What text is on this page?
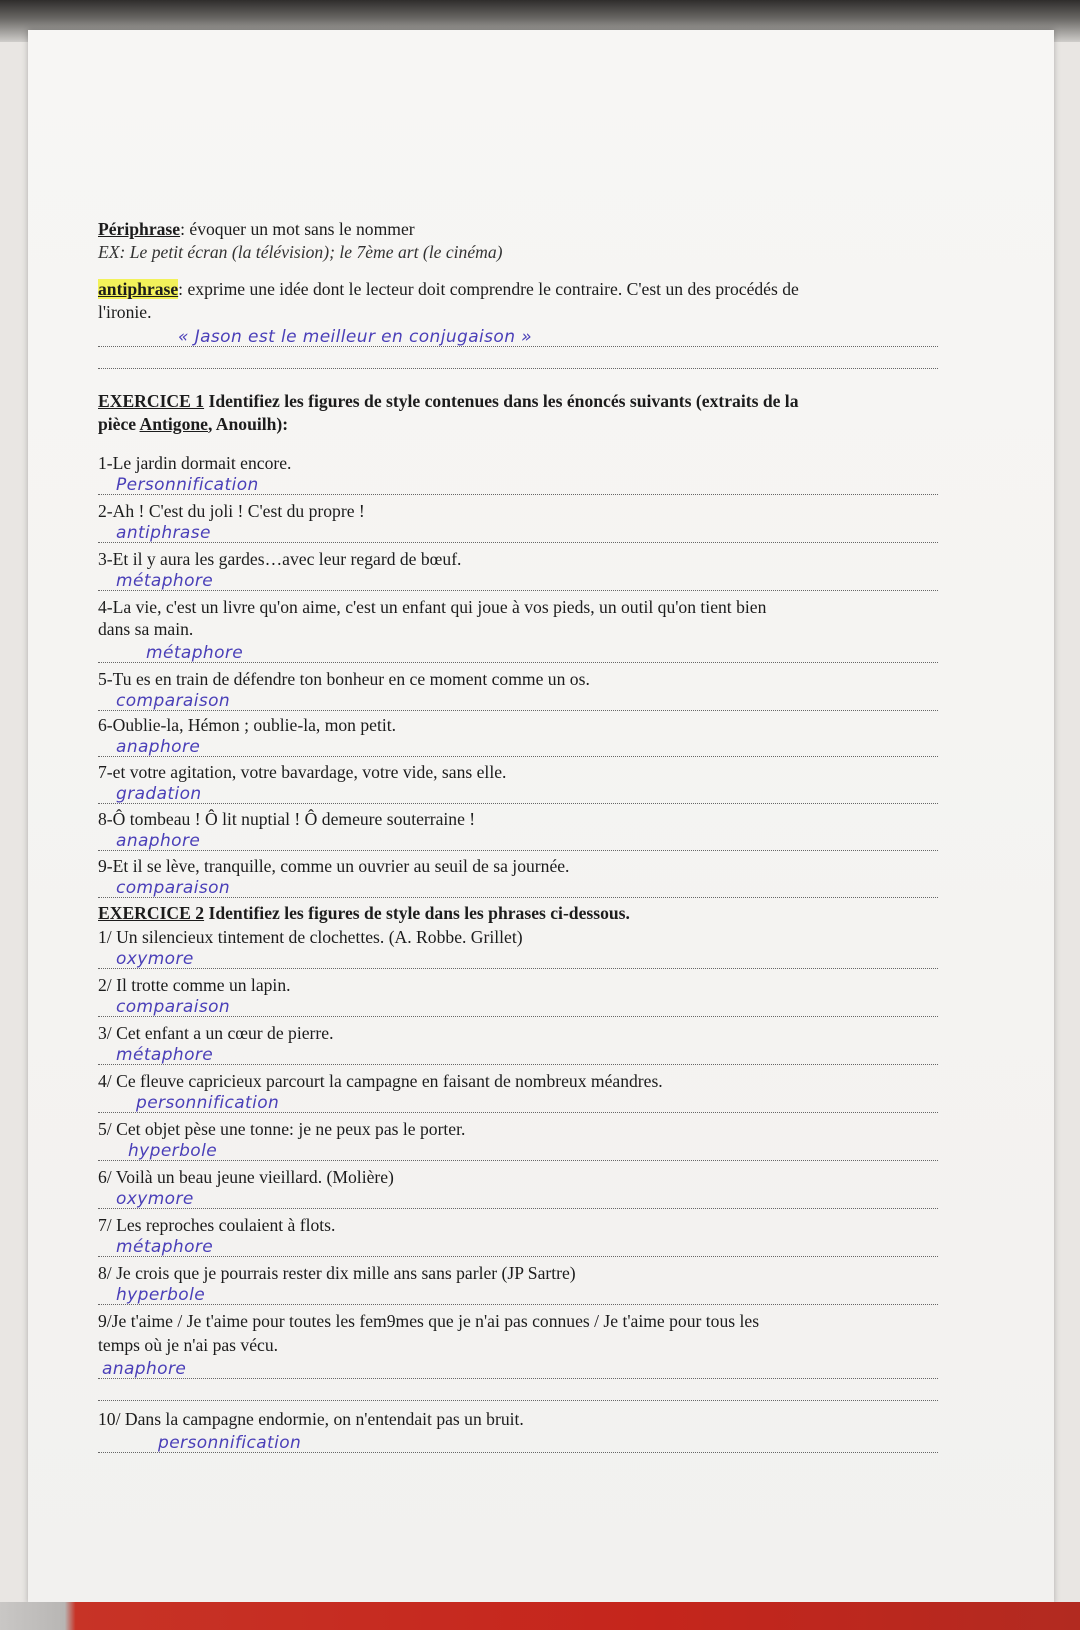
Périphrase: évoquer un mot sans le nommer
EX: Le petit écran (la télévision); le 7ème art (le cinéma)
antiphrase: exprime une idée dont le lecteur doit comprendre le contraire. C'est un des procédés de
l'ironie.
« Jason est le meilleur en conjugaison »
EXERCICE 1 Identifiez les figures de style contenues dans les énoncés suivants (extraits de la
pièce Antigone, Anouilh):
1-Le jardin dormait encore.
Personnification
2-Ah ! C'est du joli ! C'est du propre !
antiphrase
3-Et il y aura les gardes…avec leur regard de bœuf.
métaphore
4-La vie, c'est un livre qu'on aime, c'est un enfant qui joue à vos pieds, un outil qu'on tient bien
dans sa main.
métaphore
5-Tu es en train de défendre ton bonheur en ce moment comme un os.
comparaison
6-Oublie-la, Hémon ; oublie-la, mon petit.
anaphore
7-et votre agitation, votre bavardage, votre vide, sans elle.
gradation
8-Ô tombeau ! Ô lit nuptial ! Ô demeure souterraine !
anaphore
9-Et il se lève, tranquille, comme un ouvrier au seuil de sa journée.
comparaison
EXERCICE 2 Identifiez les figures de style dans les phrases ci-dessous.
1/ Un silencieux tintement de clochettes. (A. Robbe. Grillet)
oxymore
2/ Il trotte comme un lapin.
comparaison
3/ Cet enfant a un cœur de pierre.
métaphore
4/ Ce fleuve capricieux parcourt la campagne en faisant de nombreux méandres.
personnification
5/ Cet objet pèse une tonne: je ne peux pas le porter.
hyperbole
6/ Voilà un beau jeune vieillard. (Molière)
oxymore
7/ Les reproches coulaient à flots.
métaphore
8/ Je crois que je pourrais rester dix mille ans sans parler (JP Sartre)
hyperbole
9/Je t'aime / Je t'aime pour toutes les fem9mes que je n'ai pas connues / Je t'aime pour tous les
temps où je n'ai pas vécu.
anaphore
10/ Dans la campagne endormie, on n'entendait pas un bruit.
personnification
